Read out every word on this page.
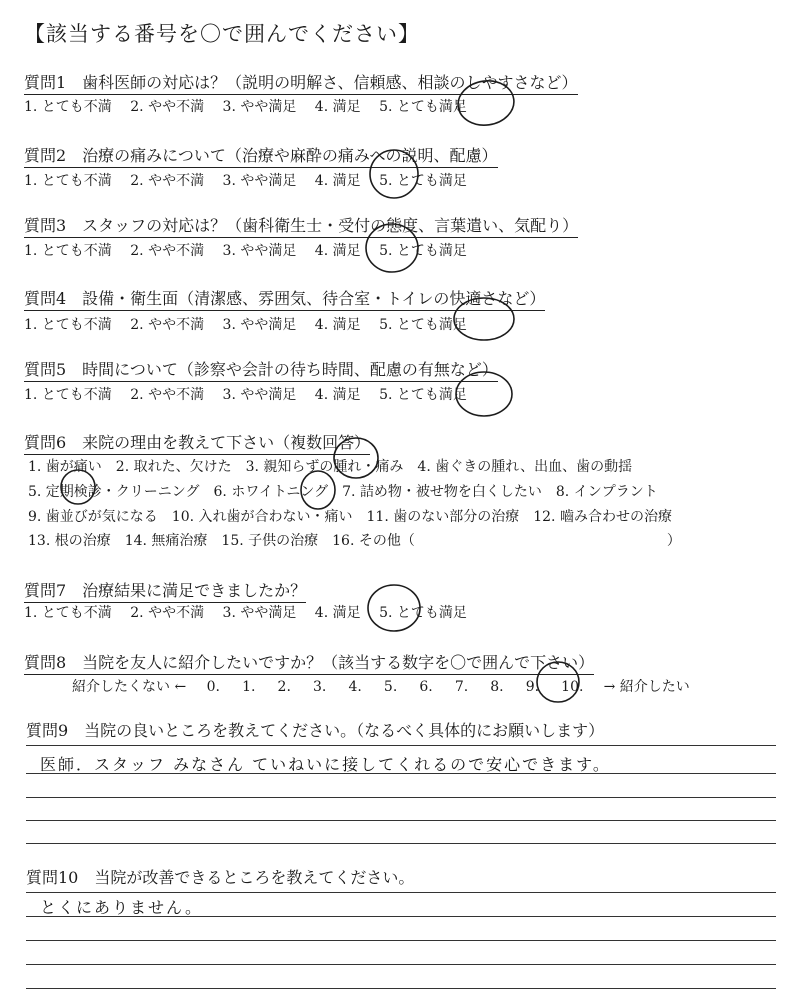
【該当する番号を〇で囲んでください】
質問1　歯科医師の対応は？（説明の明解さ、信頼感、相談のしやすさなど）
1. とても不満 2. やや不満 3. やや満足 4. 満足 5. とても満足
質問2　治療の痛みについて（治療や麻酔の痛みへの説明、配慮）
1. とても不満 2. やや不満 3. やや満足 4. 満足 5. とても満足
質問3　スタッフの対応は？（歯科衛生士・受付の態度、言葉遣い、気配り）
1. とても不満 2. やや不満 3. やや満足 4. 満足 5. とても満足
質問4　設備・衛生面（清潔感、雰囲気、待合室・トイレの快適さなど）
1. とても不満 2. やや不満 3. やや満足 4. 満足 5. とても満足
質問5　時間について（診察や会計の待ち時間、配慮の有無など）
1. とても不満 2. やや不満 3. やや満足 4. 満足 5. とても満足
質問6　来院の理由を教えて下さい（複数回答）
1. 歯が痛い　2. 取れた、欠けた　3. 親知らずの腫れ・痛み　4. 歯ぐきの腫れ、出血、歯の動揺
5. 定期検診・クリーニング　6. ホワイトニング　7. 詰め物・被せ物を白くしたい　8. インプラント
9. 歯並びが気になる　10. 入れ歯が合わない・痛い　11. 歯のない部分の治療　12. 嚙み合わせの治療
13. 根の治療　14. 無痛治療　15. 子供の治療　16. その他（　　　　　　　　　　　　　　　　　　）
質問7　治療結果に満足できましたか？
1. とても不満 2. やや不満 3. やや満足 4. 満足 5. とても満足
質問8　当院を友人に紹介したいですか？（該当する数字を〇で囲んで下さい）
紹介したくない ← 0. 1. 2. 3. 4. 5. 6. 7. 8. 9. 10. → 紹介したい
質問9　当院の良いところを教えてください。（なるべく具体的にお願いします）
医師．スタッフ みなさん ていねいに接してくれるので安心できます。
質問10　当院が改善できるところを教えてください。
とくにありません。
